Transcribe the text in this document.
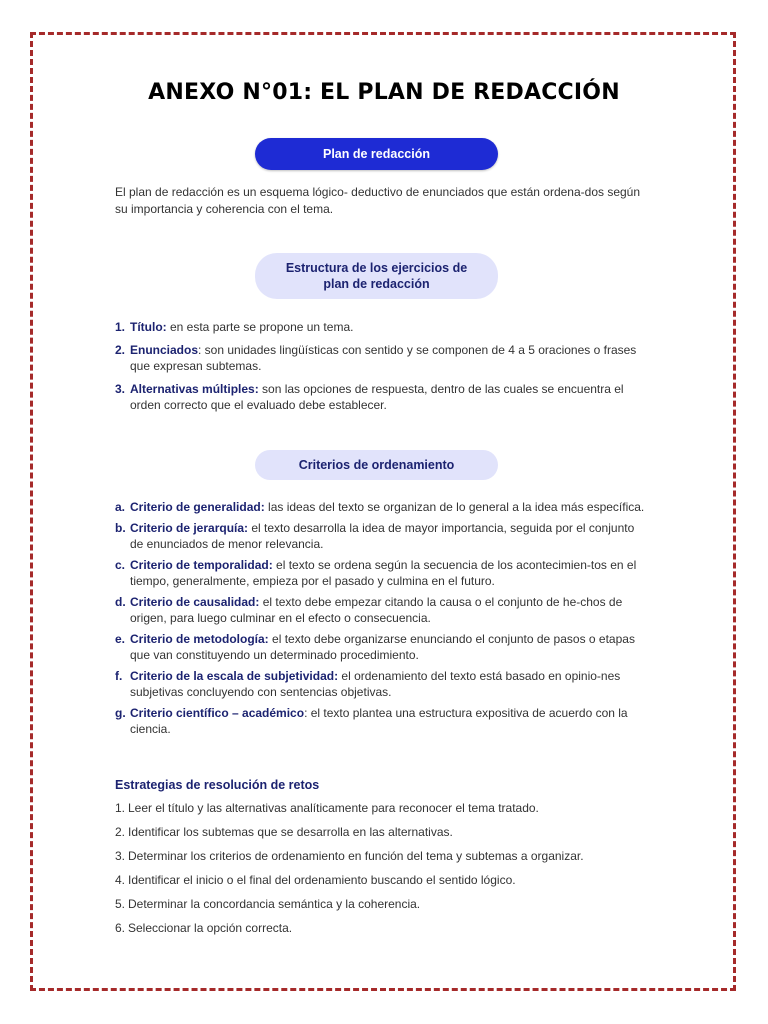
ANEXO N°01: EL PLAN DE REDACCIÓN
Plan de redacción
El plan de redacción es un esquema lógico- deductivo de enunciados que están ordena-dos según su importancia y coherencia con el tema.
Estructura de los ejercicios de
plan de redacción
1. Título: en esta parte se propone un tema.
2. Enunciados: son unidades lingüísticas con sentido y se componen de 4 a 5 oraciones o frases que expresan subtemas.
3. Alternativas múltiples: son las opciones de respuesta, dentro de las cuales se encuentra el orden correcto que el evaluado debe establecer.
Criterios de ordenamiento
a. Criterio de generalidad: las ideas del texto se organizan de lo general a la idea más específica.
b. Criterio de jerarquía: el texto desarrolla la idea de mayor importancia, seguida por el conjunto de enunciados de menor relevancia.
c. Criterio de temporalidad: el texto se ordena según la secuencia de los acontecimien-tos en el tiempo, generalmente, empieza por el pasado y culmina en el futuro.
d. Criterio de causalidad: el texto debe empezar citando la causa o el conjunto de he-chos de origen, para luego culminar en el efecto o consecuencia.
e. Criterio de metodología: el texto debe organizarse enunciando el conjunto de pasos o etapas que van constituyendo un determinado procedimiento.
f. Criterio de la escala de subjetividad: el ordenamiento del texto está basado en opinio-nes subjetivas concluyendo con sentencias objetivas.
g. Criterio científico – académico: el texto plantea una estructura expositiva de acuerdo con la ciencia.
Estrategias de resolución de retos
1. Leer el título y las alternativas analíticamente para reconocer el tema tratado.
2. Identificar los subtemas que se desarrolla en las alternativas.
3. Determinar los criterios de ordenamiento en función del tema y subtemas a organizar.
4. Identificar el inicio o el final del ordenamiento buscando el sentido lógico.
5. Determinar la concordancia semántica y la coherencia.
6. Seleccionar la opción correcta.
